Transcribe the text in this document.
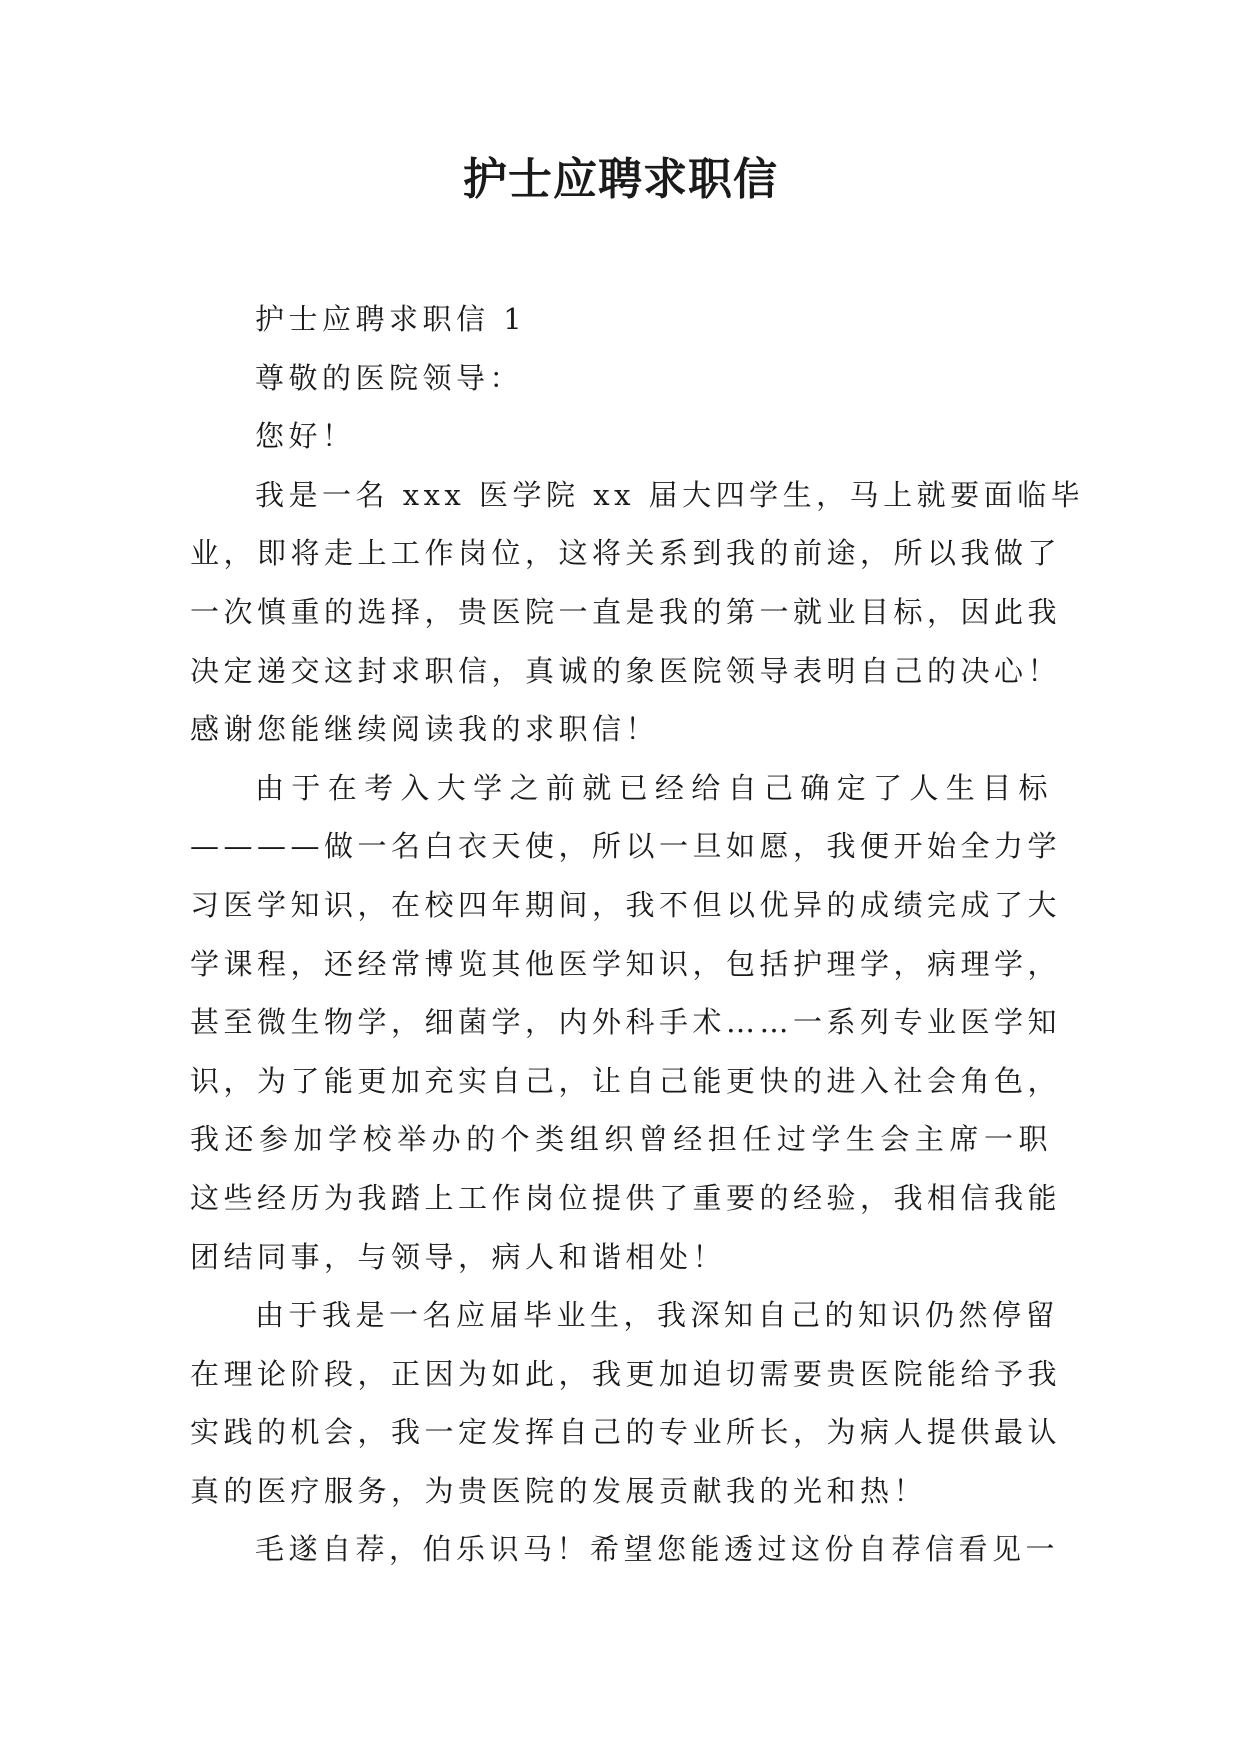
护士应聘求职信
护士应聘求职信 1
尊敬的医院领导：
您好！
我是一名 xxx 医学院 xx 届大四学生，马上就要面临毕
业，即将走上工作岗位，这将关系到我的前途，所以我做了
一次慎重的选择，贵医院一直是我的第一就业目标，因此我
决定递交这封求职信，真诚的象医院领导表明自己的决心！
感谢您能继续阅读我的求职信！
由于在考入大学之前就已经给自己确定了人生目标
————做一名白衣天使，所以一旦如愿，我便开始全力学
习医学知识，在校四年期间，我不但以优异的成绩完成了大
学课程，还经常博览其他医学知识，包括护理学，病理学，
甚至微生物学，细菌学，内外科手术……一系列专业医学知
识，为了能更加充实自己，让自己能更快的进入社会角色，
我还参加学校举办的个类组织曾经担任过学生会主席一职
这些经历为我踏上工作岗位提供了重要的经验，我相信我能
团结同事，与领导，病人和谐相处！
由于我是一名应届毕业生，我深知自己的知识仍然停留
在理论阶段，正因为如此，我更加迫切需要贵医院能给予我
实践的机会，我一定发挥自己的专业所长，为病人提供最认
真的医疗服务，为贵医院的发展贡献我的光和热！
毛遂自荐，伯乐识马！希望您能透过这份自荐信看见一
